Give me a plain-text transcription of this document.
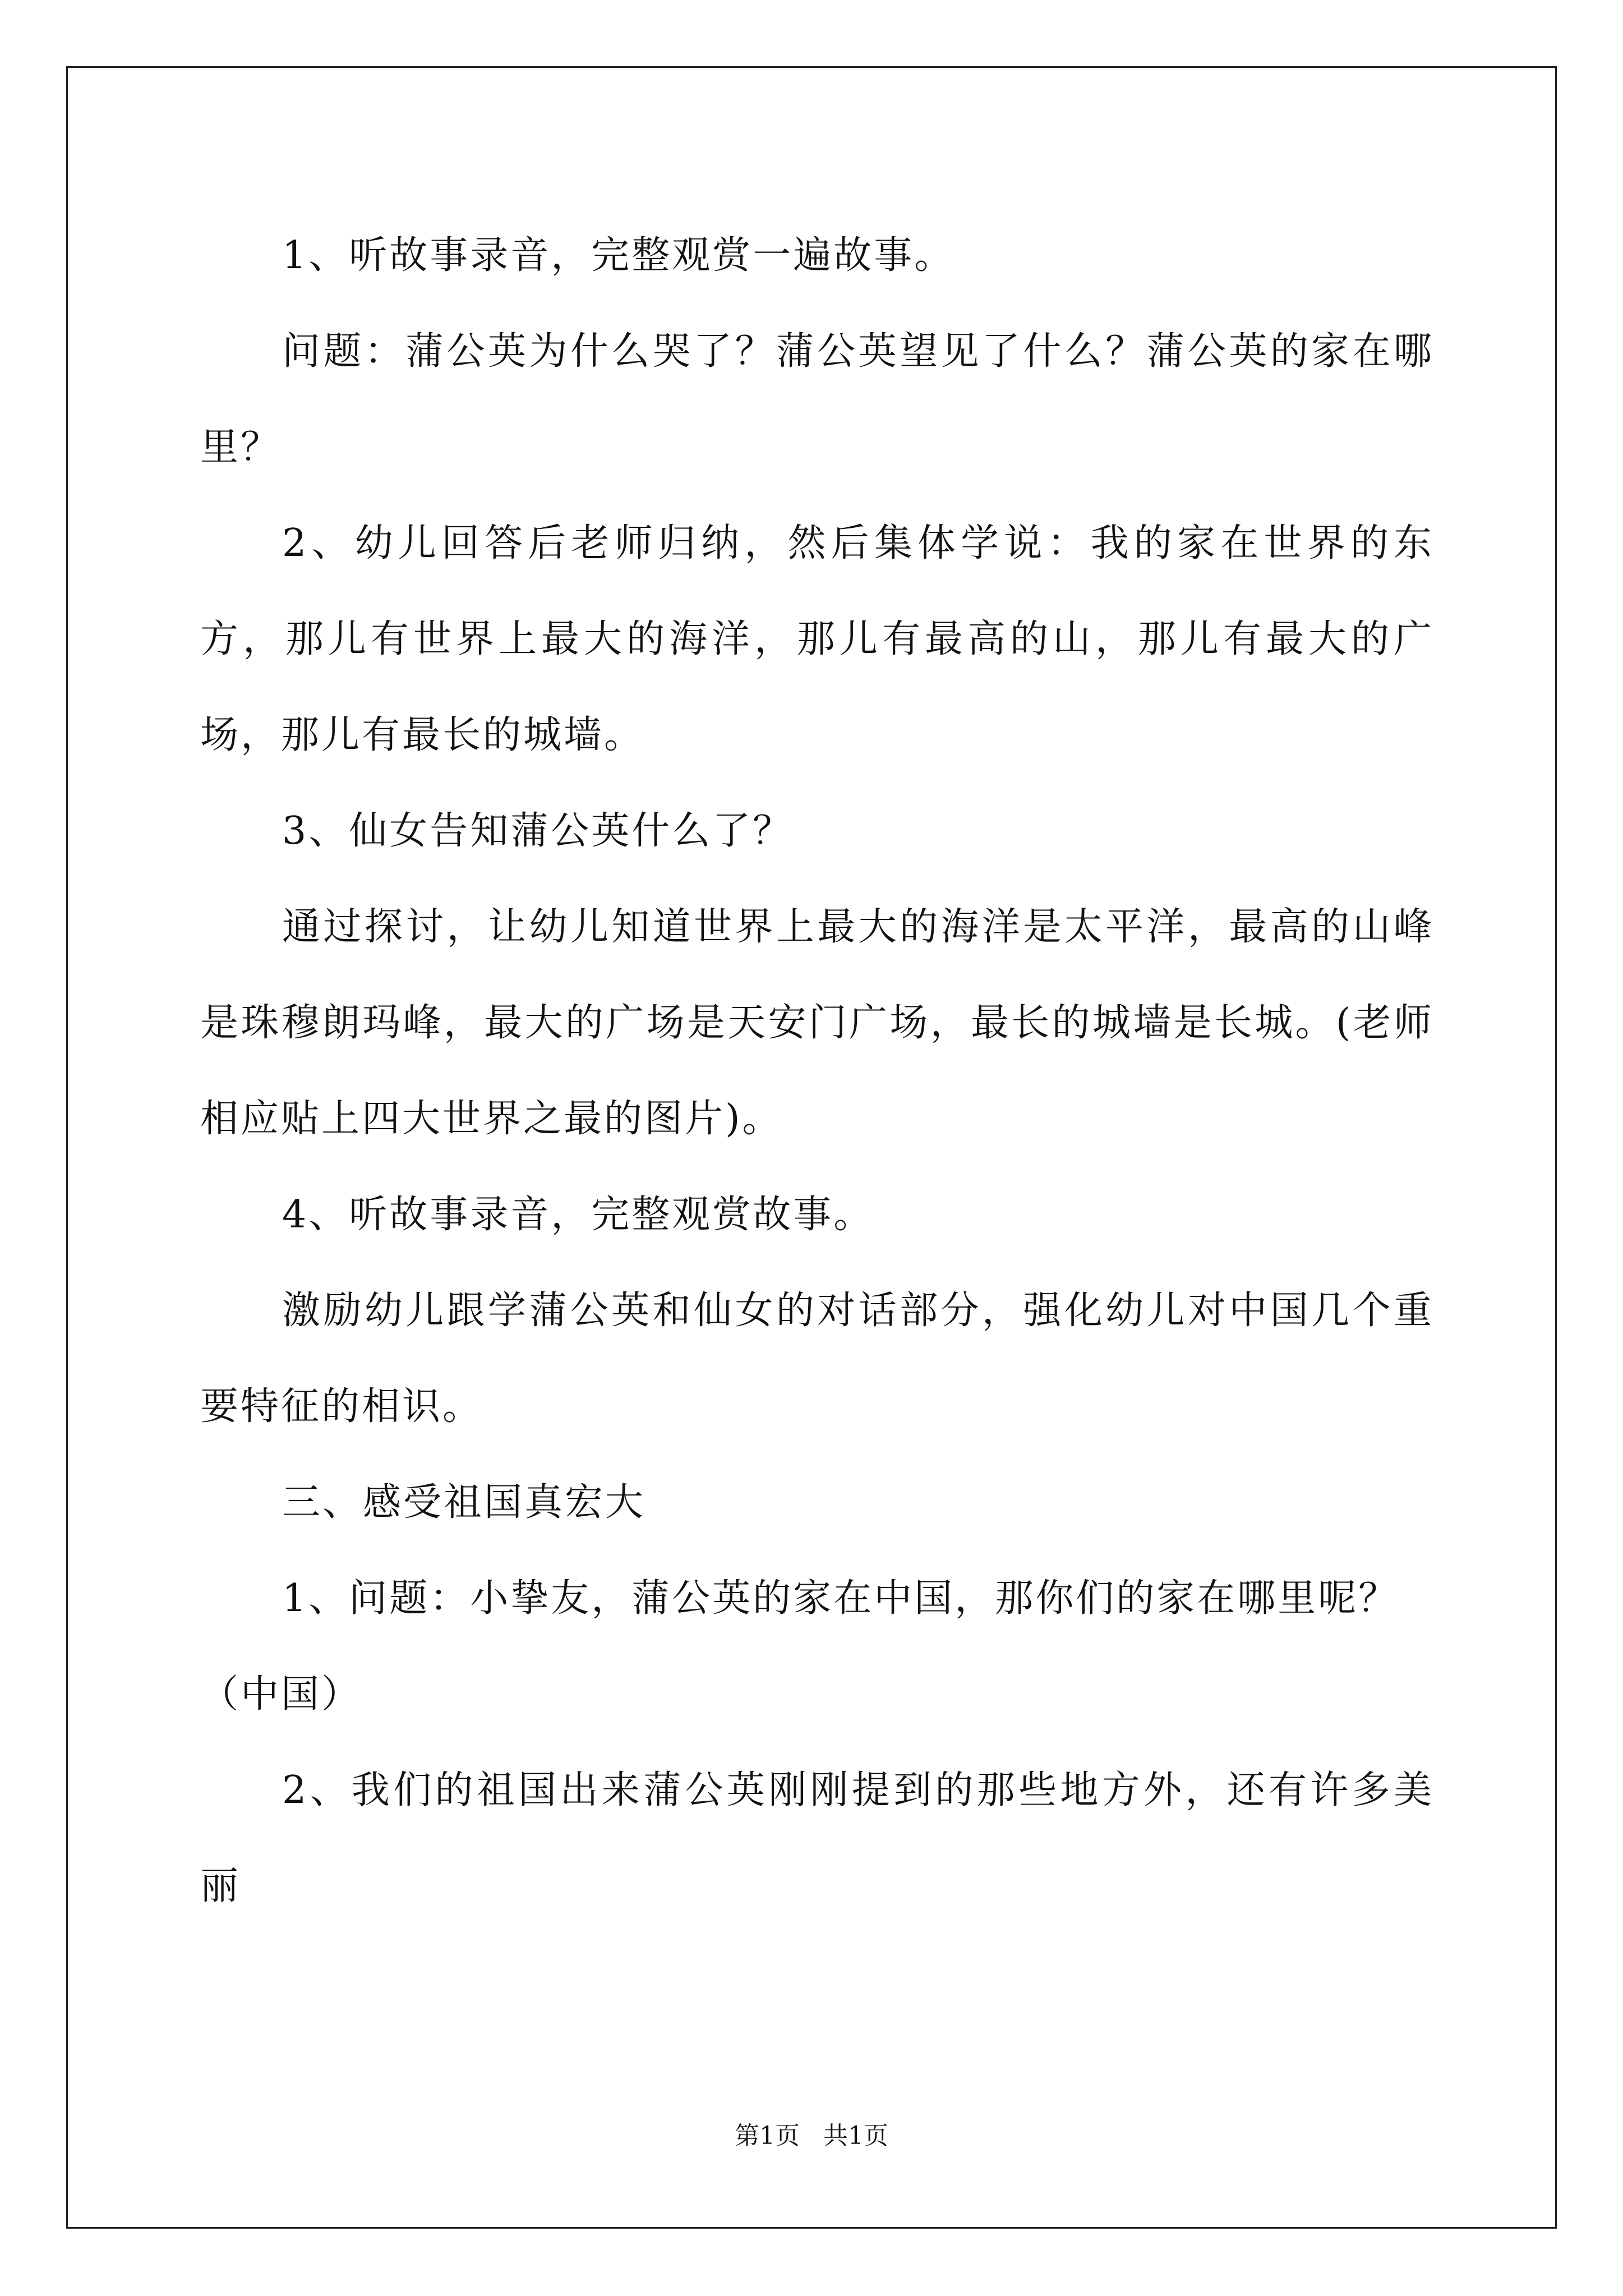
1、听故事录音，完整观赏一遍故事。

问题：蒲公英为什么哭了？蒲公英望见了什么？蒲公英的家在哪里？

2、幼儿回答后老师归纳，然后集体学说：我的家在世界的东方，那儿有世界上最大的海洋，那儿有最高的山，那儿有最大的广场，那儿有最长的城墙。

3、仙女告知蒲公英什么了？

通过探讨，让幼儿知道世界上最大的海洋是太平洋，最高的山峰是珠穆朗玛峰，最大的广场是天安门广场，最长的城墙是长城。(老师相应贴上四大世界之最的图片)。

4、听故事录音，完整观赏故事。

激励幼儿跟学蒲公英和仙女的对话部分，强化幼儿对中国几个重要特征的相识。

三、感受祖国真宏大

1、问题：小挚友，蒲公英的家在中国，那你们的家在哪里呢？

（中国）

2、我们的祖国出来蒲公英刚刚提到的那些地方外，还有许多美丽

第1页   共1页
